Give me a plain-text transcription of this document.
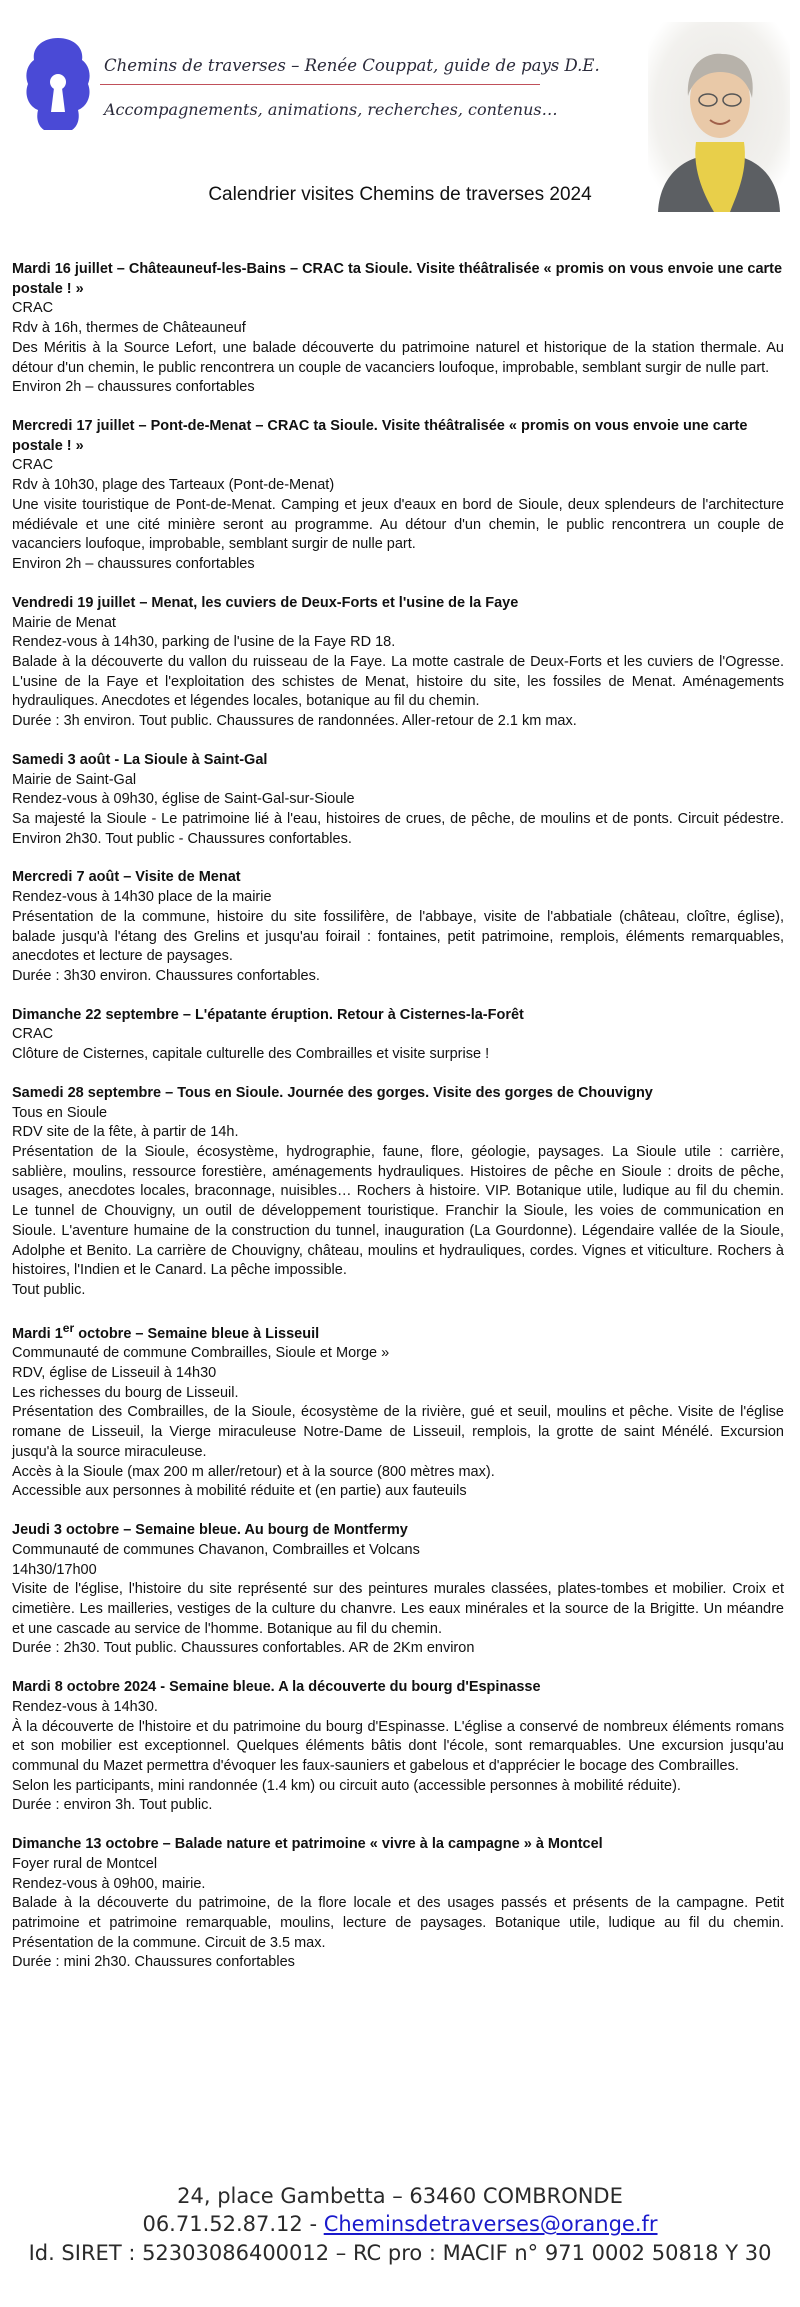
Chemins de traverses – Renée Couppat, guide de pays D.E.
Accompagnements, animations, recherches, contenus…
Calendrier visites Chemins de traverses 2024

Mardi 16 juillet – Châteauneuf-les-Bains – CRAC ta Sioule. Visite théâtralisée « promis on vous envoie une carte postale ! »

CRAC

Rdv à 16h, thermes de Châteauneuf

Des Méritis à la Source Lefort, une balade découverte du patrimoine naturel et historique de la station thermale. Au détour d'un chemin, le public rencontrera un couple de vacanciers loufoque, improbable, semblant surgir de nulle part.

Environ 2h – chaussures confortables

Mercredi 17 juillet – Pont-de-Menat – CRAC ta Sioule. Visite théâtralisée « promis on vous envoie une carte postale ! »

CRAC

Rdv à 10h30, plage des Tarteaux (Pont-de-Menat)

Une visite touristique de Pont-de-Menat. Camping et jeux d'eaux en bord de Sioule, deux splendeurs de l'architecture médiévale et une cité minière seront au programme. Au détour d'un chemin, le public rencontrera un couple de vacanciers loufoque, improbable, semblant surgir de nulle part.

Environ 2h – chaussures confortables

Vendredi 19 juillet – Menat, les cuviers de Deux-Forts et l'usine de la Faye

Mairie de Menat

Rendez-vous à 14h30, parking de l'usine de la Faye RD 18.

Balade à la découverte du vallon du ruisseau de la Faye. La motte castrale de Deux-Forts et les cuviers de l'Ogresse. L'usine de la Faye et l'exploitation des schistes de Menat, histoire du site, les fossiles de Menat. Aménagements hydrauliques. Anecdotes et légendes locales, botanique au fil du chemin.

Durée : 3h environ. Tout public. Chaussures de randonnées. Aller-retour de 2.1 km max.

Samedi 3 août - La Sioule à Saint-Gal

Mairie de Saint-Gal

Rendez-vous à 09h30, église de Saint-Gal-sur-Sioule

Sa majesté la Sioule - Le patrimoine lié à l'eau, histoires de crues, de pêche, de moulins et de ponts. Circuit pédestre. Environ 2h30. Tout public - Chaussures confortables.

Mercredi 7 août – Visite de Menat

Rendez-vous à 14h30 place de la mairie

Présentation de la commune, histoire du site fossilifère, de l'abbaye, visite de l'abbatiale (château, cloître, église), balade jusqu'à l'étang des Grelins et jusqu'au foirail : fontaines, petit patrimoine, remplois, éléments remarquables, anecdotes et lecture de paysages.

Durée : 3h30 environ. Chaussures confortables.

Dimanche 22 septembre – L'épatante éruption. Retour à Cisternes-la-Forêt

CRAC

Clôture de Cisternes, capitale culturelle des Combrailles et visite surprise !

Samedi 28 septembre – Tous en Sioule. Journée des gorges. Visite des gorges de Chouvigny

Tous en Sioule

RDV site de la fête, à partir de 14h.

Présentation de la Sioule, écosystème, hydrographie, faune, flore, géologie, paysages. La Sioule utile : carrière, sablière, moulins, ressource forestière, aménagements hydrauliques. Histoires de pêche en Sioule : droits de pêche, usages, anecdotes locales, braconnage, nuisibles… Rochers à histoire. VIP. Botanique utile, ludique au fil du chemin. Le tunnel de Chouvigny, un outil de développement touristique. Franchir la Sioule, les voies de communication en Sioule. L'aventure humaine de la construction du tunnel, inauguration (La Gourdonne). Légendaire vallée de la Sioule, Adolphe et Benito. La carrière de Chouvigny, château, moulins et hydrauliques, cordes. Vignes et viticulture. Rochers à histoires, l'Indien et le Canard. La pêche impossible.

Tout public.

Mardi 1er octobre – Semaine bleue à Lisseuil

Communauté de commune Combrailles, Sioule et Morge »

RDV, église de Lisseuil à 14h30

Les richesses du bourg de Lisseuil.

Présentation des Combrailles, de la Sioule, écosystème de la rivière, gué et seuil, moulins et pêche. Visite de l'église romane de Lisseuil, la Vierge miraculeuse Notre-Dame de Lisseuil, remplois, la grotte de saint Ménélé. Excursion jusqu'à la source miraculeuse.

Accès à la Sioule (max 200 m aller/retour) et à la source (800 mètres max).

Accessible aux personnes à mobilité réduite et (en partie) aux fauteuils

Jeudi 3 octobre – Semaine bleue. Au bourg de Montfermy

Communauté de communes Chavanon, Combrailles et Volcans

14h30/17h00

Visite de l'église, l'histoire du site représenté sur des peintures murales classées, plates-tombes et mobilier. Croix et cimetière. Les mailleries, vestiges de la culture du chanvre. Les eaux minérales et la source de la Brigitte. Un méandre et une cascade au service de l'homme. Botanique au fil du chemin.

Durée : 2h30. Tout public. Chaussures confortables. AR de 2Km environ

Mardi 8 octobre 2024 - Semaine bleue. A la découverte du bourg d'Espinasse

Rendez-vous à 14h30.

À la découverte de l'histoire et du patrimoine du bourg d'Espinasse. L'église a conservé de nombreux éléments romans et son mobilier est exceptionnel. Quelques éléments bâtis dont l'école, sont remarquables. Une excursion jusqu'au communal du Mazet permettra d'évoquer les faux-sauniers et gabelous et d'apprécier le bocage des Combrailles.

Selon les participants, mini randonnée (1.4 km) ou circuit auto (accessible personnes à mobilité réduite).

Durée : environ 3h. Tout public.

Dimanche 13 octobre – Balade nature et patrimoine « vivre à la campagne » à Montcel

Foyer rural de Montcel

Rendez-vous à 09h00, mairie.

Balade à la découverte du patrimoine, de la flore locale et des usages passés et présents de la campagne. Petit patrimoine et patrimoine remarquable, moulins, lecture de paysages. Botanique utile, ludique au fil du chemin. Présentation de la commune. Circuit de 3.5 max.

Durée : mini 2h30. Chaussures confortables

24, place Gambetta – 63460 COMBRONDE
06.71.52.87.12 - Cheminsdetraverses@orange.fr
Id. SIRET : 52303086400012 – RC pro : MACIF n° 971 0002 50818 Y 30
